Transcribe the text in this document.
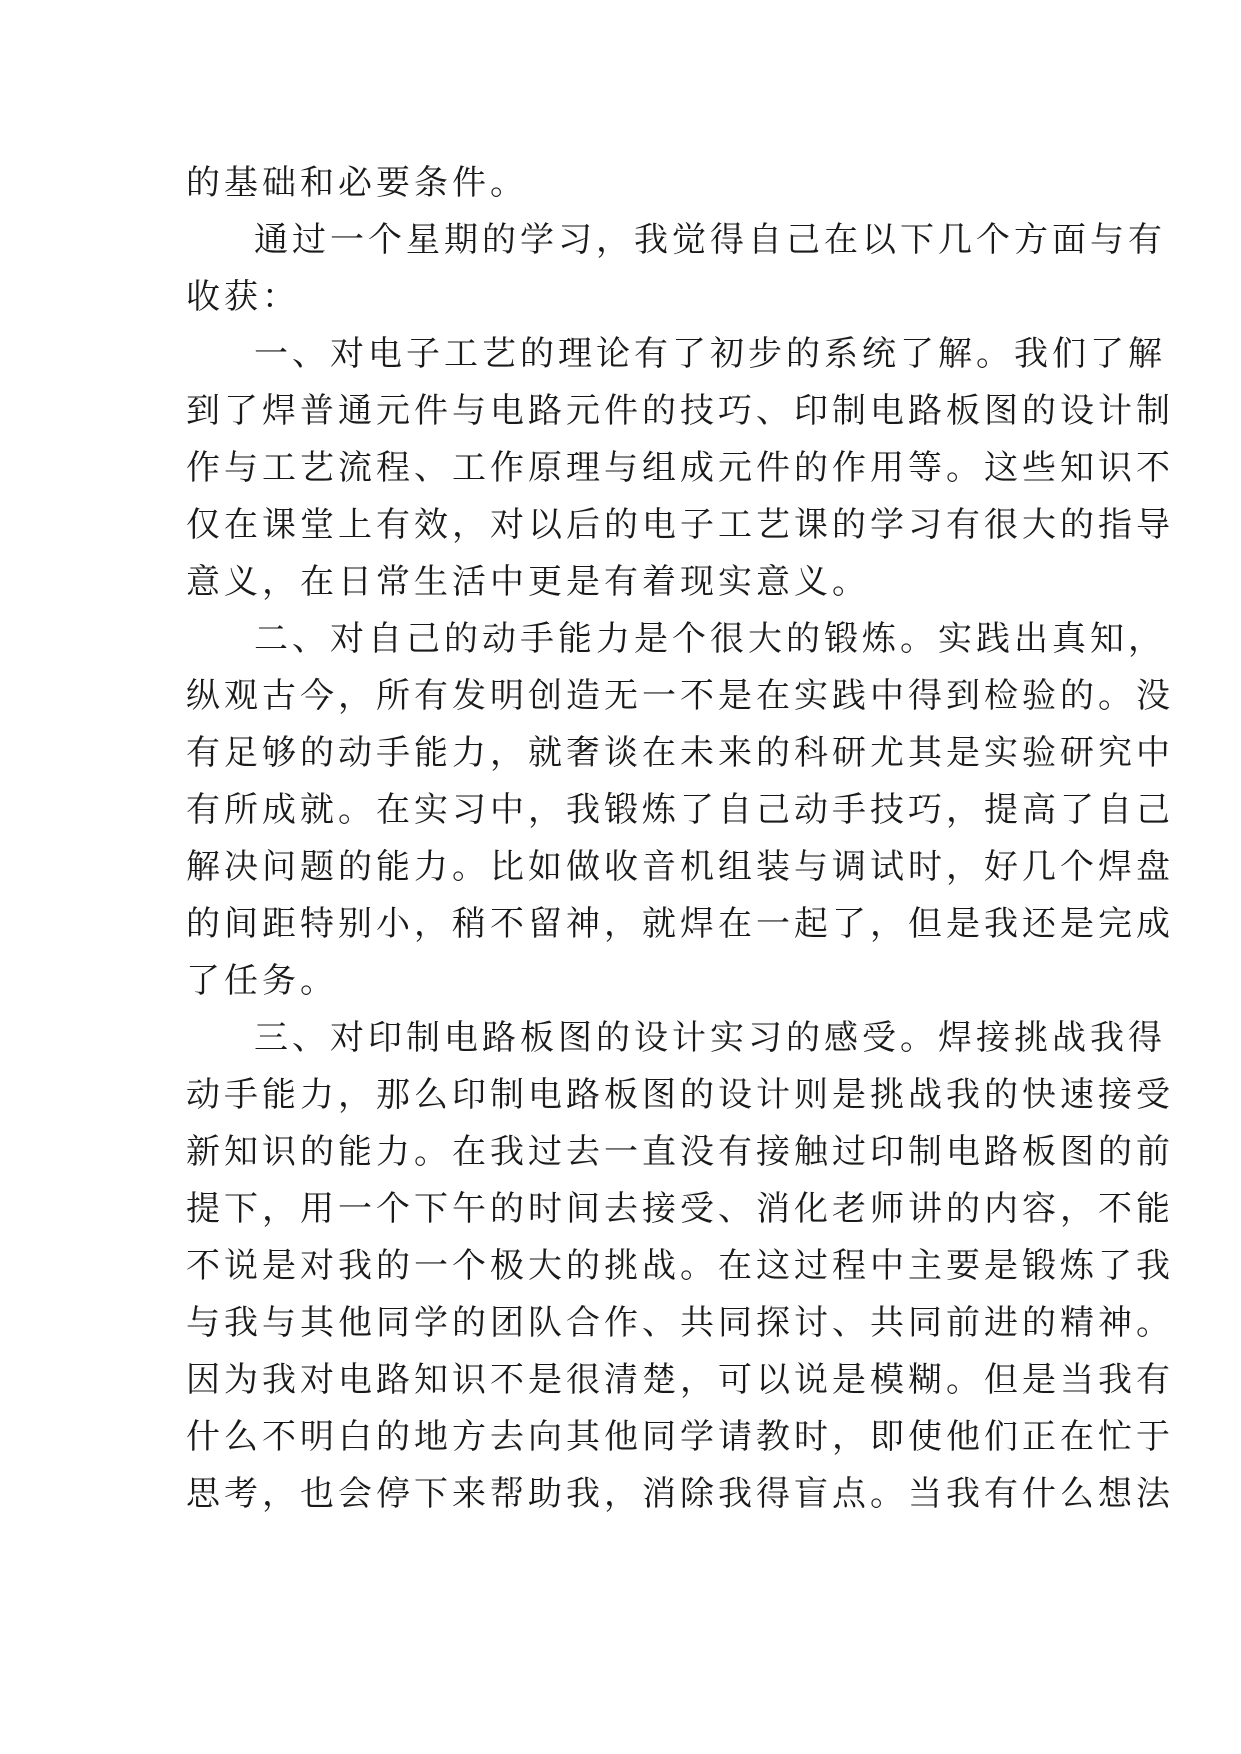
的基础和必要条件。
通过一个星期的学习，我觉得自己在以下几个方面与有
收获：
一、对电子工艺的理论有了初步的系统了解。我们了解
到了焊普通元件与电路元件的技巧、印制电路板图的设计制
作与工艺流程、工作原理与组成元件的作用等。这些知识不
仅在课堂上有效，对以后的电子工艺课的学习有很大的指导
意义，在日常生活中更是有着现实意义。
二、对自己的动手能力是个很大的锻炼。实践出真知，
纵观古今，所有发明创造无一不是在实践中得到检验的。没
有足够的动手能力，就奢谈在未来的科研尤其是实验研究中
有所成就。在实习中，我锻炼了自己动手技巧，提高了自己
解决问题的能力。比如做收音机组装与调试时，好几个焊盘
的间距特别小，稍不留神，就焊在一起了，但是我还是完成
了任务。
三、对印制电路板图的设计实习的感受。焊接挑战我得
动手能力，那么印制电路板图的设计则是挑战我的快速接受
新知识的能力。在我过去一直没有接触过印制电路板图的前
提下，用一个下午的时间去接受、消化老师讲的内容，不能
不说是对我的一个极大的挑战。在这过程中主要是锻炼了我
与我与其他同学的团队合作、共同探讨、共同前进的精神。
因为我对电路知识不是很清楚，可以说是模糊。但是当我有
什么不明白的地方去向其他同学请教时，即使他们正在忙于
思考，也会停下来帮助我，消除我得盲点。当我有什么想法
